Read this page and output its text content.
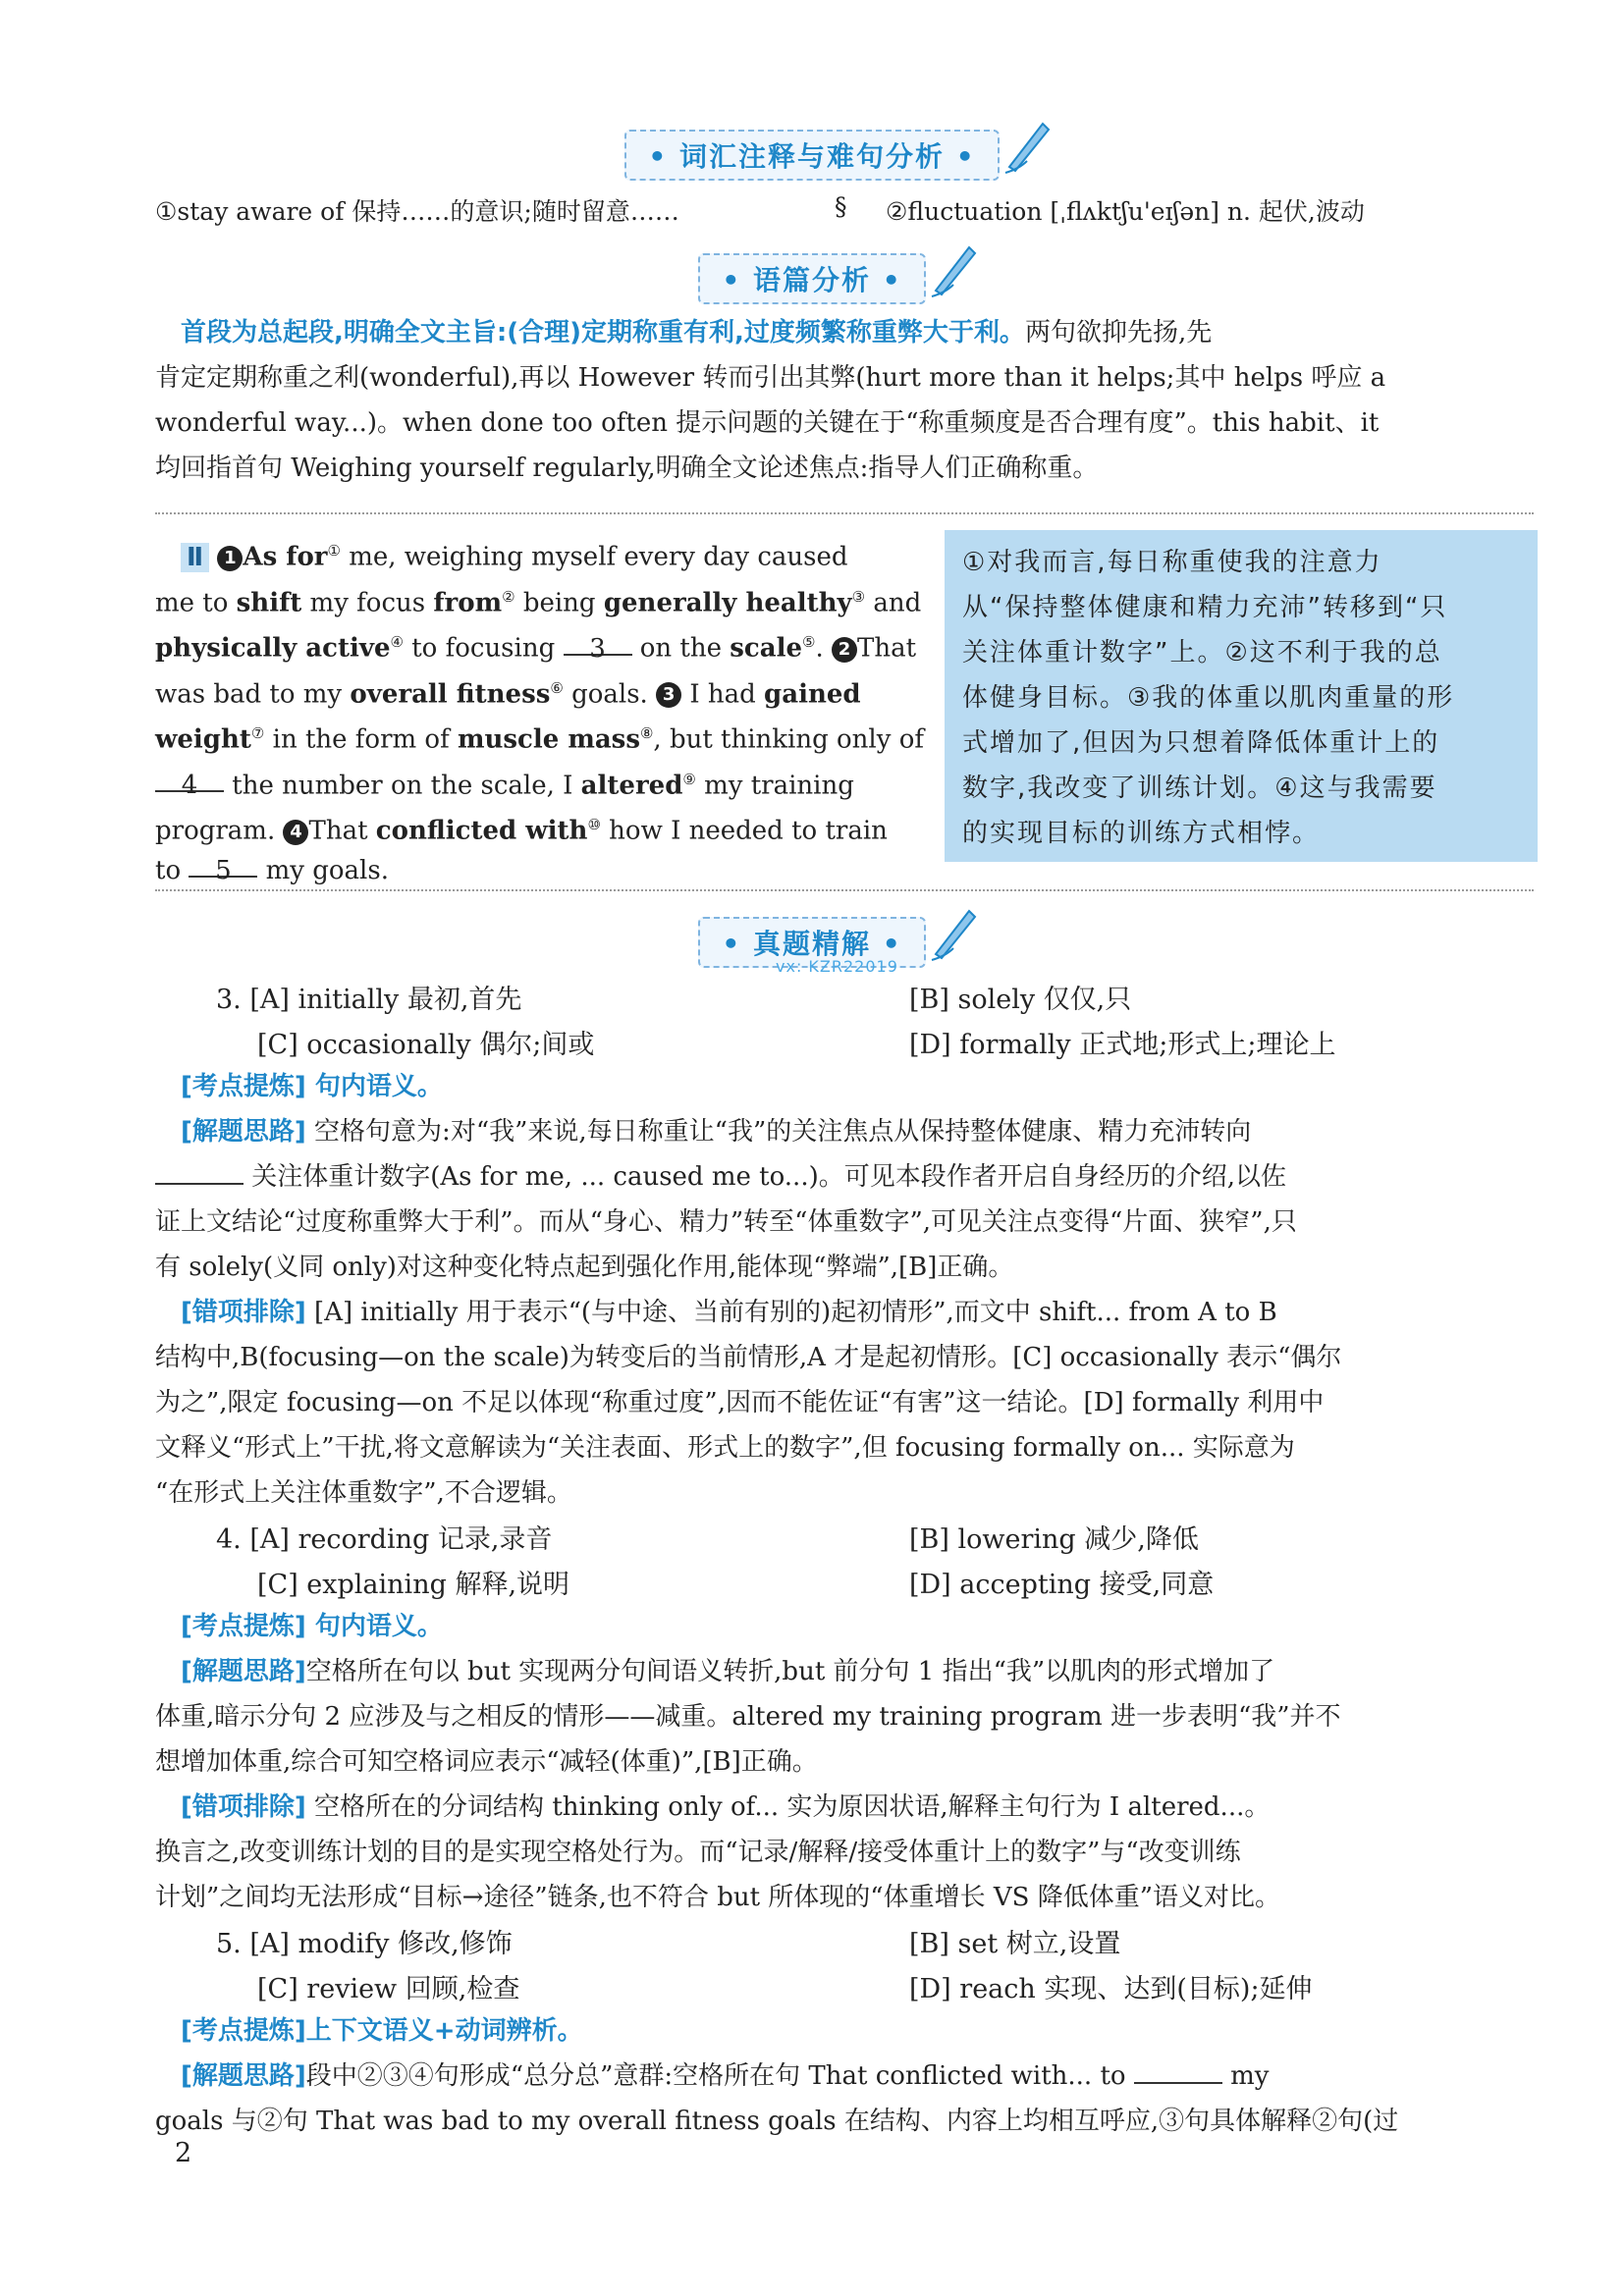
• 词汇注释与难句分析 •
①stay aware of 保持……的意识;随时留意……	§ ②fluctuation [ˌflʌktʃu'eɪʃən] n. 起伏,波动
• 语篇分析 •
　首段为总起段,明确全文主旨:(合理)定期称重有利,过度频繁称重弊大于利。两句欲抑先扬,先
肯定定期称重之利(wonderful),再以 However 转而引出其弊(hurt more than it helps;其中 helps 呼应 a
wonderful way...)。when done too often 提示问题的关键在于“称重频度是否合理有度”。this habit、it
均回指首句 Weighing yourself regularly,明确全文论述焦点:指导人们正确称重。
　Ⅱ 1 As for① me, weighing myself every day caused
me to shift my focus from② being generally healthy③ and
physically active④ to focusing 3 on the scale⑤. 2 That
was bad to my overall fitness⑥ goals. 3 I had gained
weight⑦ in the form of muscle mass⑧, but thinking only of
4 the number on the scale, I altered⑨ my training
program. 4 That conflicted with⑩ how I needed to train
to 5 my goals.
①对我而言,每日称重使我的注意力
从“保持整体健康和精力充沛”转移到“只
关注体重计数字”上。②这不利于我的总
体健身目标。③我的体重以肌肉重量的形
式增加了,但因为只想着降低体重计上的
数字,我改变了训练计划。④这与我需要
的实现目标的训练方式相悖。
• 真题精解 •
vx: KZR22019
3. [A] initially 最初,首先	[B] solely 仅仅,只
[C] occasionally 偶尔;间或	[D] formally 正式地;形式上;理论上
　[考点提炼] 句内语义。
　[解题思路] 空格句意为:对“我”来说,每日称重让“我”的关注焦点从保持整体健康、精力充沛转向
关注体重计数字(As for me, ... caused me to...)。可见本段作者开启自身经历的介绍,以佐
证上文结论“过度称重弊大于利”。而从“身心、精力”转至“体重数字”,可见关注点变得“片面、狭窄”,只
有 solely(义同 only)对这种变化特点起到强化作用,能体现“弊端”,[B]正确。
　[错项排除] [A] initially 用于表示“(与中途、当前有别的)起初情形”,而文中 shift... from A to B
结构中,B(focusing—on the scale)为转变后的当前情形,A 才是起初情形。[C] occasionally 表示“偶尔
为之”,限定 focusing—on 不足以体现“称重过度”,因而不能佐证“有害”这一结论。[D] formally 利用中
文释义“形式上”干扰,将文意解读为“关注表面、形式上的数字”,但 focusing formally on... 实际意为
“在形式上关注体重数字”,不合逻辑。
4. [A] recording 记录,录音	[B] lowering 减少,降低
[C] explaining 解释,说明	[D] accepting 接受,同意
　[考点提炼] 句内语义。
　[解题思路]空格所在句以 but 实现两分句间语义转折,but 前分句 1 指出“我”以肌肉的形式增加了
体重,暗示分句 2 应涉及与之相反的情形——减重。altered my training program 进一步表明“我”并不
想增加体重,综合可知空格词应表示“减轻(体重)”,[B]正确。
　[错项排除] 空格所在的分词结构 thinking only of... 实为原因状语,解释主句行为 I altered...。
换言之,改变训练计划的目的是实现空格处行为。而“记录/解释/接受体重计上的数字”与“改变训练
计划”之间均无法形成“目标→途径”链条,也不符合 but 所体现的“体重增长 VS 降低体重”语义对比。
5. [A] modify 修改,修饰	[B] set 树立,设置
[C] review 回顾,检查	[D] reach 实现、达到(目标);延伸
　[考点提炼]上下文语义+动词辨析。
　[解题思路]段中②③④句形成“总分总”意群:空格所在句 That conflicted with... to	my
goals 与②句 That was bad to my overall fitness goals 在结构、内容上均相互呼应,③句具体解释②句(过
2
